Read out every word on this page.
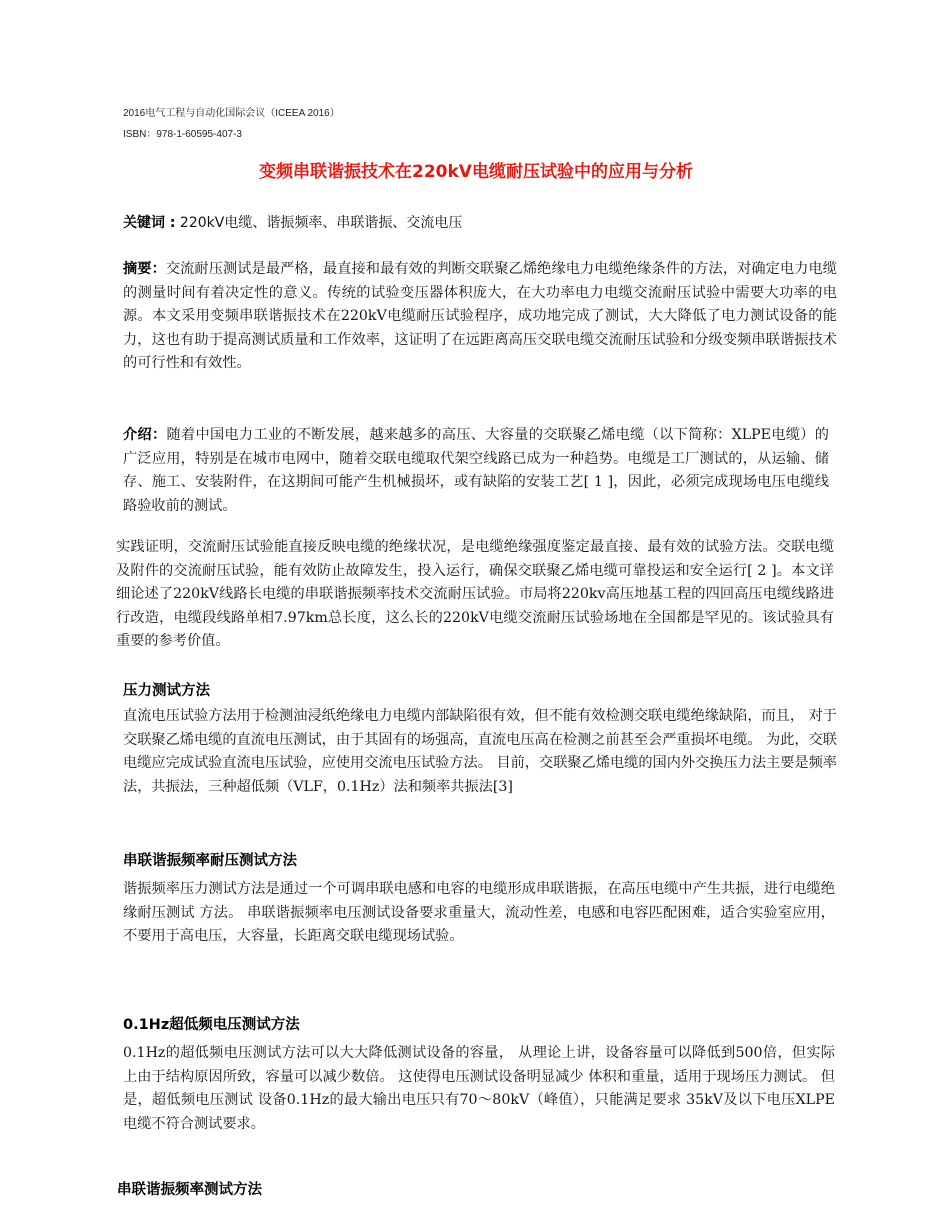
2016电气工程与自动化国际会议（ICEEA 2016）
ISBN：978-1-60595-407-3
变频串联谐振技术在220kV电缆耐压试验中的应用与分析
关键词 : 220kV电缆、谐振频率、串联谐振、交流电压

摘要：交流耐压测试是最严格，最直接和最有效的判断交联聚乙烯绝缘电力电缆绝缘条件的方法，对确定电力电缆的测量时间有着决定性的意义。传统的试验变压器体积庞大，在大功率电力电缆交流耐压试验中需要大功率的电源。本文采用变频串联谐振技术在220kV电缆耐压试验程序，成功地完成了测试，大大降低了电力测试设备的能力，这也有助于提高测试质量和工作效率，这证明了在远距离高压交联电缆交流耐压试验和分级变频串联谐振技术的可行性和有效性。

介绍：随着中国电力工业的不断发展，越来越多的高压、大容量的交联聚乙烯电缆（以下简称：XLPE电缆）的广泛应用，特别是在城市电网中，随着交联电缆取代架空线路已成为一种趋势。电缆是工厂测试的，从运输、储存、施工、安装附件，在这期间可能产生机械损坏，或有缺陷的安装工艺[ 1 ]，因此，必须完成现场电压电缆线路验收前的测试。

实践证明，交流耐压试验能直接反映电缆的绝缘状况，是电缆绝缘强度鉴定最直接、最有效的试验方法。交联电缆及附件的交流耐压试验，能有效防止故障发生，投入运行，确保交联聚乙烯电缆可靠投运和安全运行[ 2 ]。本文详细论述了220kV线路长电缆的串联谐振频率技术交流耐压试验。市局将220kv高压地基工程的四回高压电缆线路进行改造，电缆段线路单相7.97km总长度，这么长的220kV电缆交流耐压试验场地在全国都是罕见的。该试验具有重要的参考价值。

压力测试方法

直流电压试验方法用于检测油浸纸绝缘电力电缆内部缺陷很有效，但不能有效检测交联电缆绝缘缺陷，而且， 对于交联聚乙烯电缆的直流电压测试，由于其固有的场强高，直流电压高在检测之前甚至会严重损坏电缆。 为此，交联电缆应完成试验直流电压试验，应使用交流电压试验方法。 目前，交联聚乙烯电缆的国内外交换压力法主要是频率法，共振法，三种超低频（VLF，0.1Hz）法和频率共振法[3]

串联谐振频率耐压测试方法

谐振频率压力测试方法是通过一个可调串联电感和电容的电缆形成串联谐振，在高压电缆中产生共振，进行电缆绝缘耐压测试 方法。 串联谐振频率电压测试设备要求重量大，流动性差，电感和电容匹配困难，适合实验室应用，不要用于高电压，大容量，长距离交联电缆现场试验。

0.1Hz超低频电压测试方法

0.1Hz的超低频电压测试方法可以大大降低测试设备的容量， 从理论上讲，设备容量可以降低到500倍，但实际上由于结构原因所致，容量可以减少数倍。 这使得电压测试设备明显减少 体积和重量，适用于现场压力测试。 但是，超低频电压测试 设备0.1Hz的最大输出电压只有70～80kV（峰值），只能满足要求 35kV及以下电压XLPE电缆不符合测试要求。

串联谐振频率测试方法
